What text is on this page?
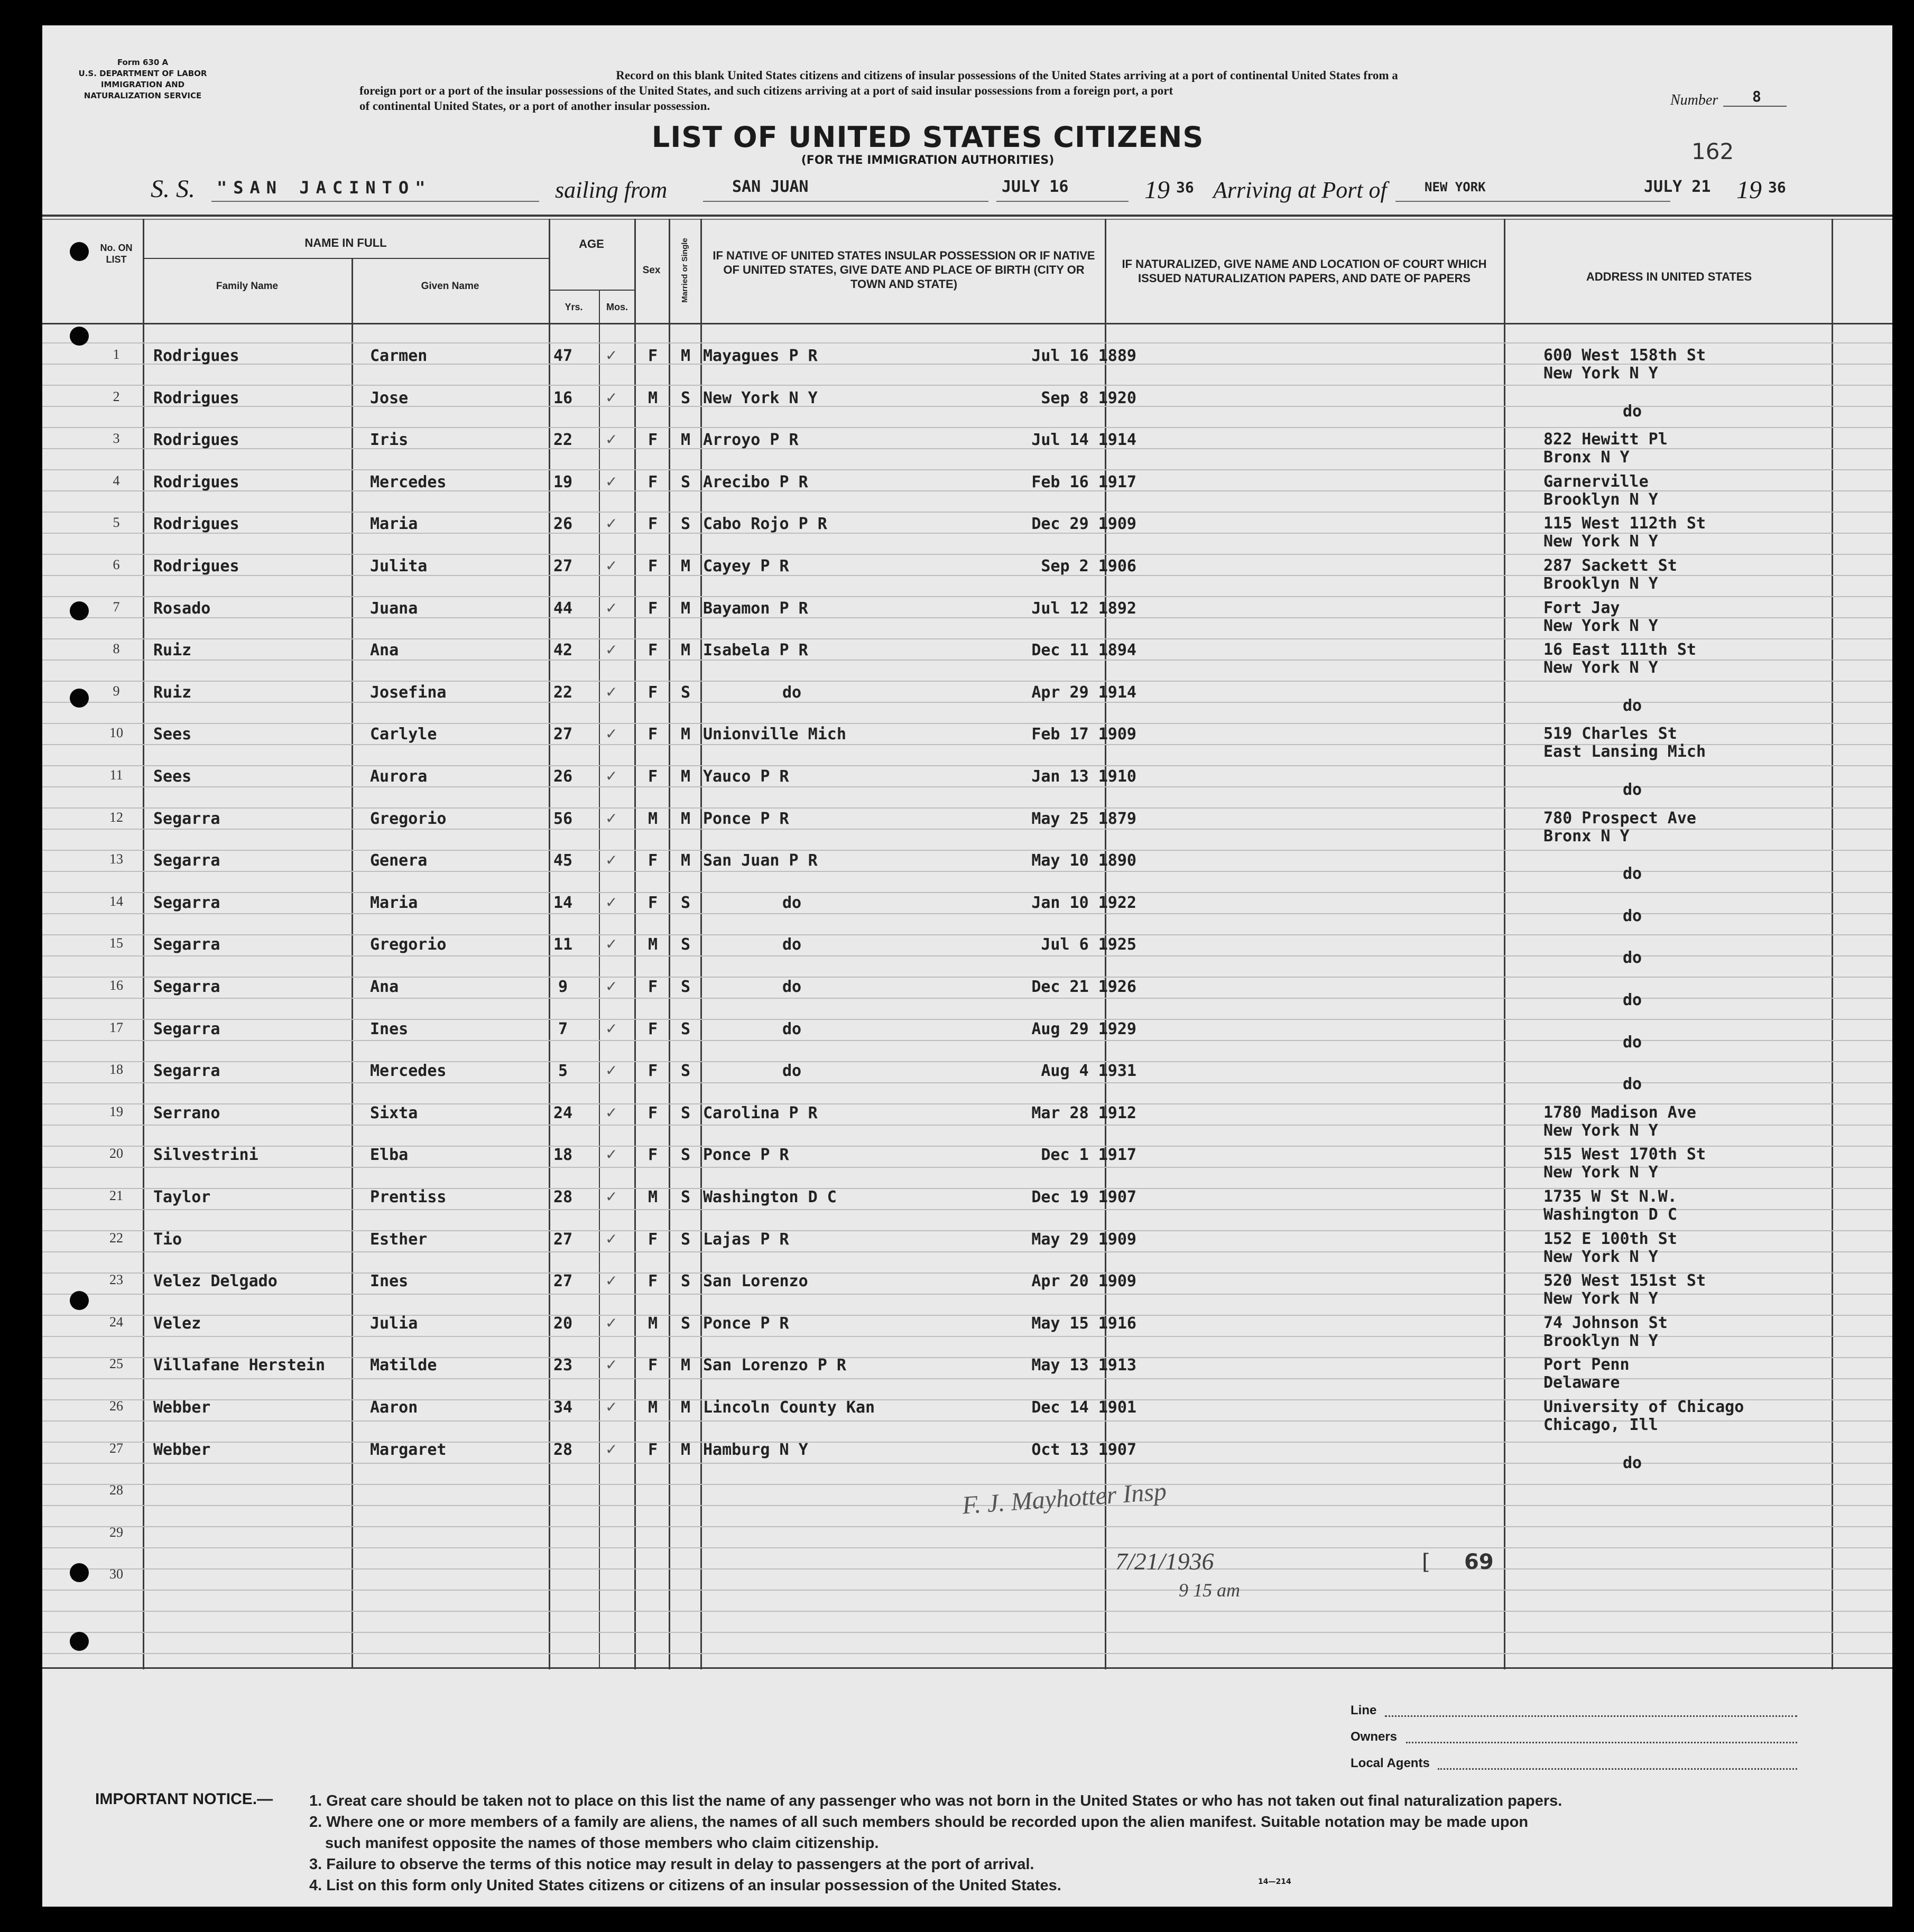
Form 630 A
U.S. DEPARTMENT OF LABOR
IMMIGRATION AND
NATURALIZATION SERVICE
Record on this blank United States citizens and citizens of insular possessions of the United States arriving at a port of continental United States from a
foreign port or a port of the insular possessions of the United States, and such citizens arriving at a port of said insular possessions from a foreign port, a port
of continental United States, or a port of another insular possession.	Number 8
LIST OF UNITED STATES CITIZENS
(FOR THE IMMIGRATION AUTHORITIES)	162
S. S. "SAN JACINTO"	sailing from	SAN JUAN	JULY 16	19 36 Arriving at Port of	NEW YORK	JULY 21 19 36
No. ON LIST
NAME IN FULL
Family Name	Given Name
AGE
Yrs.	Mos.
Sex	Married or Single IF NATIVE OF UNITED STATES INSULAR POSSESSION OR IF NATIVE OF UNITED STATES, GIVE DATE AND PLACE OF BIRTH (CITY OR TOWN AND STATE)
IF NATURALIZED, GIVE NAME AND LOCATION OF COURT WHICH ISSUED NATURALIZATION PAPERS, AND DATE OF PAPERS	ADDRESS IN UNITED STATES
1	Rodrigues	Carmen	47	✓	F	M Mayagues P R	Jul 16 1889	600 West 158th St
New York N Y
2	Rodrigues	Jose	16	✓	M	S New York N Y	Sep 8 1920
do
3	Rodrigues	Iris	22	✓	F	M Arroyo P R	Jul 14 1914	822 Hewitt Pl
Bronx N Y
4	Rodrigues	Mercedes	19	✓	F	S Arecibo P R	Feb 16 1917	Garnerville
Brooklyn N Y
5	Rodrigues	Maria	26	✓	F	S Cabo Rojo P R	Dec 29 1909	115 West 112th St
New York N Y
6	Rodrigues	Julita	27	✓	F	M Cayey P R	Sep 2 1906	287 Sackett St
Brooklyn N Y
7	Rosado	Juana	44	✓	F	M Bayamon P R	Jul 12 1892	Fort Jay
New York N Y
8	Ruiz	Ana	42	✓	F	M Isabela P R	Dec 11 1894	16 East 111th St
New York N Y
9	Ruiz	Josefina	22	✓	F	S	do	Apr 29 1914
do
10	Sees	Carlyle	27	✓	F	M Unionville Mich	Feb 17 1909	519 Charles St
East Lansing Mich
11	Sees	Aurora	26	✓	F	M Yauco P R	Jan 13 1910
do
12	Segarra	Gregorio	56	✓	M	M Ponce P R	May 25 1879	780 Prospect Ave
Bronx N Y
13	Segarra	Genera	45	✓	F	M San Juan P R	May 10 1890
do
14	Segarra	Maria	14	✓	F	S	do	Jan 10 1922
do
15	Segarra	Gregorio	11	✓	M	S	do	Jul 6 1925
do
16	Segarra	Ana	9	✓	F	S	do	Dec 21 1926
do
17	Segarra	Ines	7	✓	F	S	do	Aug 29 1929
do
18	Segarra	Mercedes	5	✓	F	S	do	Aug 4 1931
do
19	Serrano	Sixta	24	✓	F	S Carolina P R	Mar 28 1912	1780 Madison Ave
New York N Y
20	Silvestrini	Elba	18	✓	F	S Ponce P R	Dec 1 1917	515 West 170th St
New York N Y
21	Taylor	Prentiss	28	✓	M	S Washington D C	Dec 19 1907	1735 W St N.W.
Washington D C
22	Tio	Esther	27	✓	F	S Lajas P R	May 29 1909	152 E 100th St
New York N Y
23	Velez Delgado	Ines	27	✓	F	S San Lorenzo	Apr 20 1909	520 West 151st St
New York N Y
24	Velez	Julia	20	✓	M	S Ponce P R	May 15 1916	74 Johnson St
Brooklyn N Y
25	Villafane Herstein	Matilde	23	✓	F	M San Lorenzo P R	May 13 1913	Port Penn
Delaware
26	Webber	Aaron	34	✓	M	M Lincoln County Kan	Dec 14 1901	University of Chicago
Chicago, Ill
27	Webber	Margaret	28	✓	F	M Hamburg N Y	Oct 13 1907
do
28
29
30
F. J. Mayhotter Insp
7/21/1936
9 15 am
69
[
Line
Owners
Local Agents
IMPORTANT NOTICE.— 1. Great care should be taken not to place on this list the name of any passenger who was not born in the United States or who has not taken out final naturalization papers.
2. Where one or more members of a family are aliens, the names of all such members should be recorded upon the alien manifest. Suitable notation may be made upon
such manifest opposite the names of those members who claim citizenship.
3. Failure to observe the terms of this notice may result in delay to passengers at the port of arrival.
4. List on this form only United States citizens or citizens of an insular possession of the United States.	14—214
